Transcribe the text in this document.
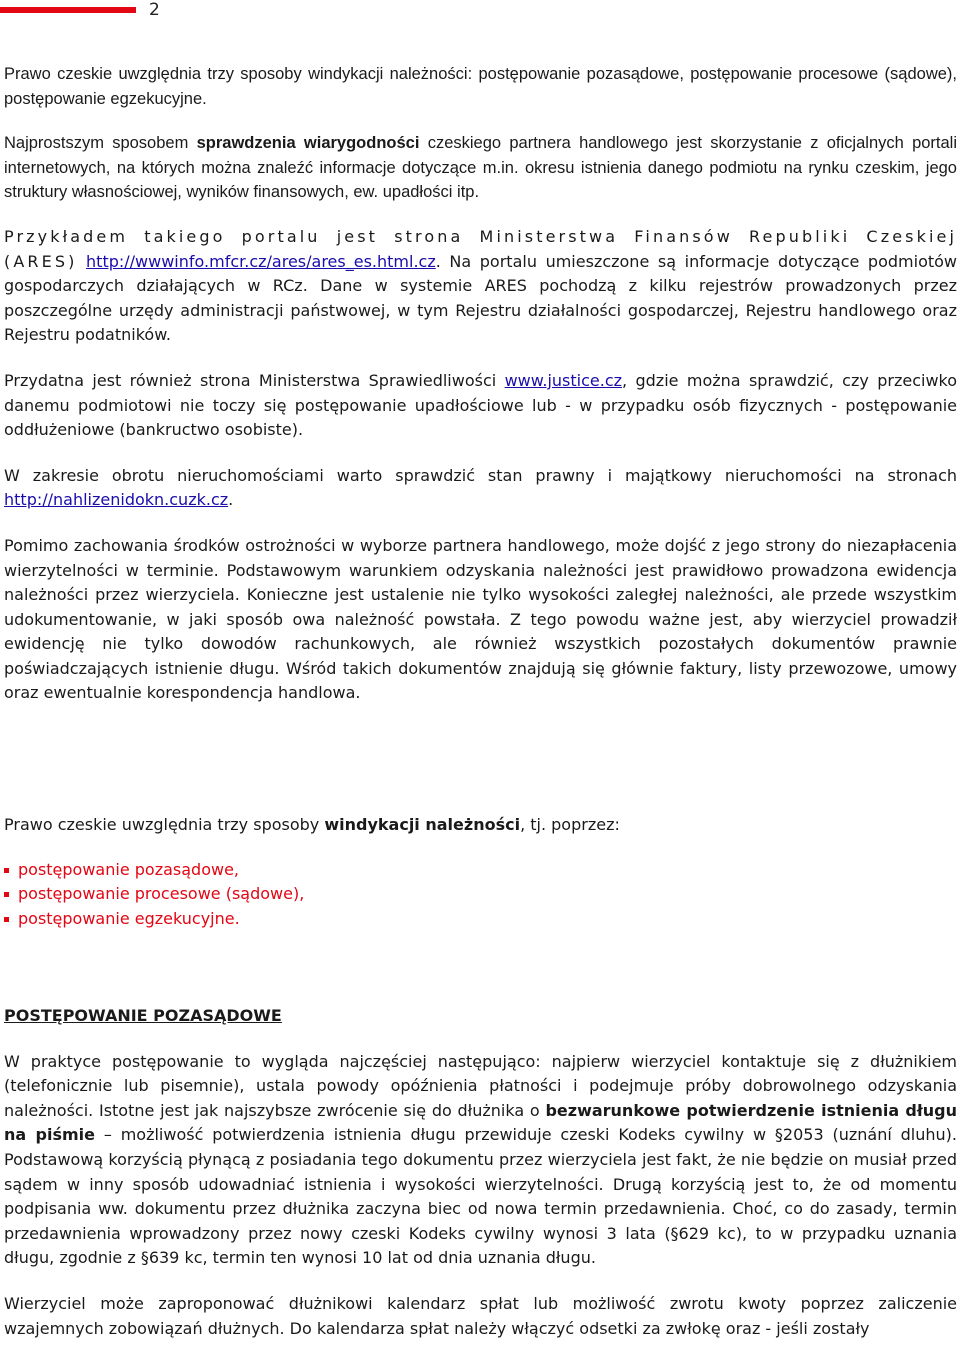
2

Prawo czeskie uwzględnia trzy sposoby windykacji należności: postępowanie pozasądowe, postępowanie procesowe (sądowe), postępowanie egzekucyjne.

Najprostszym sposobem sprawdzenia wiarygodności czeskiego partnera handlowego jest skorzystanie z oficjalnych portali internetowych, na których można znaleźć informacje dotyczące m.in. okresu istnienia danego podmiotu na rynku czeskim, jego struktury własnościowej, wyników finansowych, ew. upadłości itp.

Przykładem takiego portalu jest strona Ministerstwa Finansów Republiki Czeskiej (ARES) http://wwwinfo.mfcr.cz/ares/ares_es.html.cz. Na portalu umieszczone są informacje dotyczące podmiotów gospodarczych działających w RCz. Dane w systemie ARES pochodzą z kilku rejestrów prowadzonych przez poszczególne urzędy administracji państwowej, w tym Rejestru działalności gospodarczej, Rejestru handlowego oraz Rejestru podatników.

Przydatna jest również strona Ministerstwa Sprawiedliwości www.justice.cz, gdzie można sprawdzić, czy przeciwko danemu podmiotowi nie toczy się postępowanie upadłościowe lub - w przypadku osób fizycznych - postępowanie oddłużeniowe (bankructwo osobiste).

W zakresie obrotu nieruchomościami warto sprawdzić stan prawny i majątkowy nieruchomości na stronach http://nahlizenidokn.cuzk.cz.

Pomimo zachowania środków ostrożności w wyborze partnera handlowego, może dojść z jego strony do niezapłacenia wierzytelności w terminie. Podstawowym warunkiem odzyskania należności jest prawidłowo prowadzona ewidencja należności przez wierzyciela. Konieczne jest ustalenie nie tylko wysokości zaległej należności, ale przede wszystkim udokumentowanie, w jaki sposób owa należność powstała. Z tego powodu ważne jest, aby wierzyciel prowadził ewidencję nie tylko dowodów rachunkowych, ale również wszystkich pozostałych dokumentów prawnie poświadczających istnienie długu. Wśród takich dokumentów znajdują się głównie faktury, listy przewozowe, umowy oraz ewentualnie korespondencja handlowa.

Prawo czeskie uwzględnia trzy sposoby windykacji należności, tj. poprzez:

postępowanie pozasądowe,
postępowanie procesowe (sądowe),
postępowanie egzekucyjne.
POSTĘPOWANIE POZASĄDOWE

W praktyce postępowanie to wygląda najczęściej następująco: najpierw wierzyciel kontaktuje się z dłużnikiem (telefonicznie lub pisemnie), ustala powody opóźnienia płatności i podejmuje próby dobrowolnego odzyskania należności. Istotne jest jak najszybsze zwrócenie się do dłużnika o bezwarunkowe potwierdzenie istnienia długu na piśmie – możliwość potwierdzenia istnienia długu przewiduje czeski Kodeks cywilny w §2053 (uznání dluhu). Podstawową korzyścią płynącą z posiadania tego dokumentu przez wierzyciela jest fakt, że nie będzie on musiał przed sądem w inny sposób udowadniać istnienia i wysokości wierzytelności. Drugą korzyścią jest to, że od momentu podpisania ww. dokumentu przez dłużnika zaczyna biec od nowa termin przedawnienia. Choć, co do zasady, termin przedawnienia wprowadzony przez nowy czeski Kodeks cywilny wynosi 3 lata (§629 kc), to w przypadku uznania długu, zgodnie z §639 kc, termin ten wynosi 10 lat od dnia uznania długu.

Wierzyciel może zaproponować dłużnikowi kalendarz spłat lub możliwość zwrotu kwoty poprzez zaliczenie wzajemnych zobowiązań dłużnych. Do kalendarza spłat należy włączyć odsetki za zwłokę oraz - jeśli zostały
